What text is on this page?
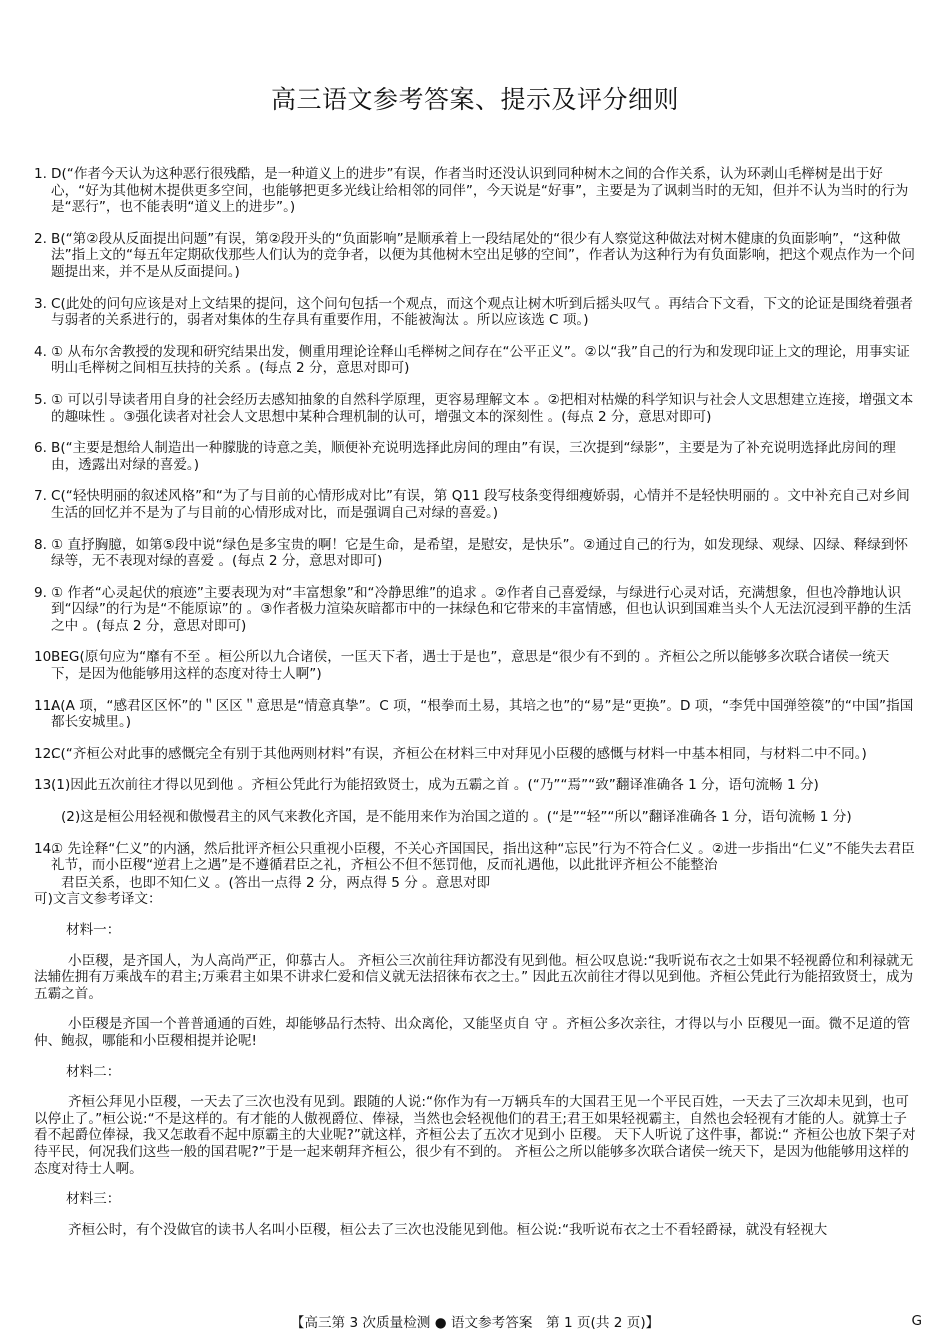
高三语文参考答案、提示及评分细则
1. D(“作者今天认为这种恶行很残酷，是一种道义上的进步”有误，作者当时还没认识到同种树木之间的合作关系，认为环剥山毛榉树是出于好心，“好为其他树木提供更多空间，也能够把更多光线让给相邻的同伴”，今天说是“好事”，主要是为了讽刺当时的无知，但并不认为当时的行为是“恶行”，也不能表明“道义上的进步”。)

2. B(“第②段从反面提出问题”有误，第②段开头的“负面影响”是顺承着上一段结尾处的“很少有人察觉这种做法对树木健康的负面影响”，“这种做法”指上文的“每五年定期砍伐那些人们认为的竞争者，以便为其他树木空出足够的空间”，作者认为这种行为有负面影响，把这个观点作为一个问题提出来，并不是从反面提问。)

3. C(此处的问句应该是对上文结果的提问，这个问句包括一个观点，而这个观点让树木听到后摇头叹气 。再结合下文看，下文的论证是围绕着强者与弱者的关系进行的，弱者对集体的生存具有重要作用，不能被淘汰 。所以应该选 C 项。)

4. ① 从布尔舍教授的发现和研究结果出发，侧重用理论诠释山毛榉树之间存在“公平正义”。②以“我”自己的行为和发现印证上文的理论，用事实证明山毛榉树之间相互扶持的关系 。(每点 2 分，意思对即可)

5. ① 可以引导读者用自身的社会经历去感知抽象的自然科学原理，更容易理解文本 。②把相对枯燥的科学知识与社会人文思想建立连接，增强文本的趣味性 。③强化读者对社会人文思想中某种合理机制的认可，增强文本的深刻性 。(每点 2 分，意思对即可)

6. B(“主要是想给人制造出一种朦胧的诗意之美，顺便补充说明选择此房间的理由”有误，三次提到“绿影”，主要是为了补充说明选择此房间的理由，透露出对绿的喜爱。)

7. C(“轻快明丽的叙述风格”和“为了与目前的心情形成对比”有误，第 Q11 段写枝条变得细瘦娇弱，心情并不是轻快明丽的 。文中补充自己对乡间生活的回忆并不是为了与目前的心情形成对比，而是强调自己对绿的喜爱。)

8. ① 直抒胸臆，如第⑤段中说“绿色是多宝贵的啊！它是生命，是希望，是慰安，是快乐”。②通过自己的行为，如发现绿、观绿、囚绿、释绿到怀绿等，无不表现对绿的喜爱 。(每点 2 分，意思对即可)

9. ① 作者“心灵起伏的痕迹”主要表现为对“丰富想象”和“冷静思维”的追求 。②作者自己喜爱绿，与绿进行心灵对话，充满想象，但也冷静地认识到“囚绿”的行为是“不能原谅”的 。③作者极力渲染灰暗都市中的一抹绿色和它带来的丰富情感，但也认识到国难当头个人无法沉浸到平静的生活之中 。(每点 2 分，意思对即可)

10.

BEG(原句应为“靡有不至 。桓公所以九合诸侯，一匡天下者，遇士于是也”，意思是“很少有不到的 。齐桓公之所以能够多次联合诸侯一统天下，是因为他能够用这样的态度对待士人啊”)

11.

A(A 项，“感君区区怀”的＂区区＂意思是“情意真挚”。C 项，“根拳而土易，其培之也”的“易”是“更换”。D 项，“李凭中国弹箜篌”的“中国”指国都长安城里。)

12.

C(“齐桓公对此事的感慨完全有别于其他两则材料”有误，齐桓公在材料三中对拜见小臣稷的感慨与材料一中基本相同，与材料二中不同。)

13.

(1)因此五次前往才得以见到他 。齐桓公凭此行为能招致贤士，成为五霸之首 。(“乃”“焉”“致”翻译准确各 1 分，语句流畅 1 分)

(2)这是桓公用轻视和傲慢君主的风气来教化齐国，是不能用来作为治国之道的 。(“是”“轻”“所以”翻译准确各 1 分，语句流畅 1 分)

14.

① 先诠释“仁义”的内涵，然后批评齐桓公只重视小臣稷，不关心齐国国民，指出这种“忘民”行为不符合仁义 。②进一步指出“仁义”不能失去君臣礼节，而小臣稷“逆君上之遇”是不遵循君臣之礼，齐桓公不但不惩罚他，反而礼遇他，以此批评齐桓公不能整治

君臣关系，也即不知仁义 。(答出一点得 2 分，两点得 5 分 。意思对即

可)文言文参考译文：

材料一：

小臣稷，是齐国人，为人高尚严正，仰慕古人。 齐桓公三次前往拜访都没有见到他。桓公叹息说:“我听说布衣之士如果不轻视爵位和利禄就无法辅佐拥有万乘战车的君主;万乘君主如果不讲求仁爱和信义就无法招徕布衣之士。” 因此五次前往才得以见到他。齐桓公凭此行为能招致贤士，成为五霸之首。

小臣稷是齐国一个普普通通的百姓，却能够品行杰特、出众离伦，又能坚贞自 守 。齐桓公多次亲往，才得以与小 臣稷见一面。微不足道的管仲、鲍叔，哪能和小臣稷相提并论呢!

材料二：

齐桓公拜见小臣稷，一天去了三次也没有见到。跟随的人说:“你作为有一万辆兵车的大国君王见一个平民百姓，一天去了三次却未见到，也可以停止了。”桓公说:“不是这样的。有才能的人傲视爵位、俸禄，当然也会轻视他们的君王;君王如果轻视霸主，自然也会轻视有才能的人。就算士子看不起爵位俸禄，我又怎敢看不起中原霸主的大业呢?”就这样，齐桓公去了五次才见到小 臣稷。 天下人听说了这件事，都说:“ 齐桓公也放下架子对待平民，何况我们这些一般的国君呢?”于是一起来朝拜齐桓公，很少有不到的。 齐桓公之所以能够多次联合诸侯一统天下，是因为他能够用这样的态度对待士人啊。

材料三：

齐桓公时，有个没做官的读书人名叫小臣稷，桓公去了三次也没能见到他。桓公说:“我听说布衣之士不看轻爵禄，就没有轻视大

【高三第 3 次质量检测 ● 语文参考答案　第 1 页(共 2 页)】	G
